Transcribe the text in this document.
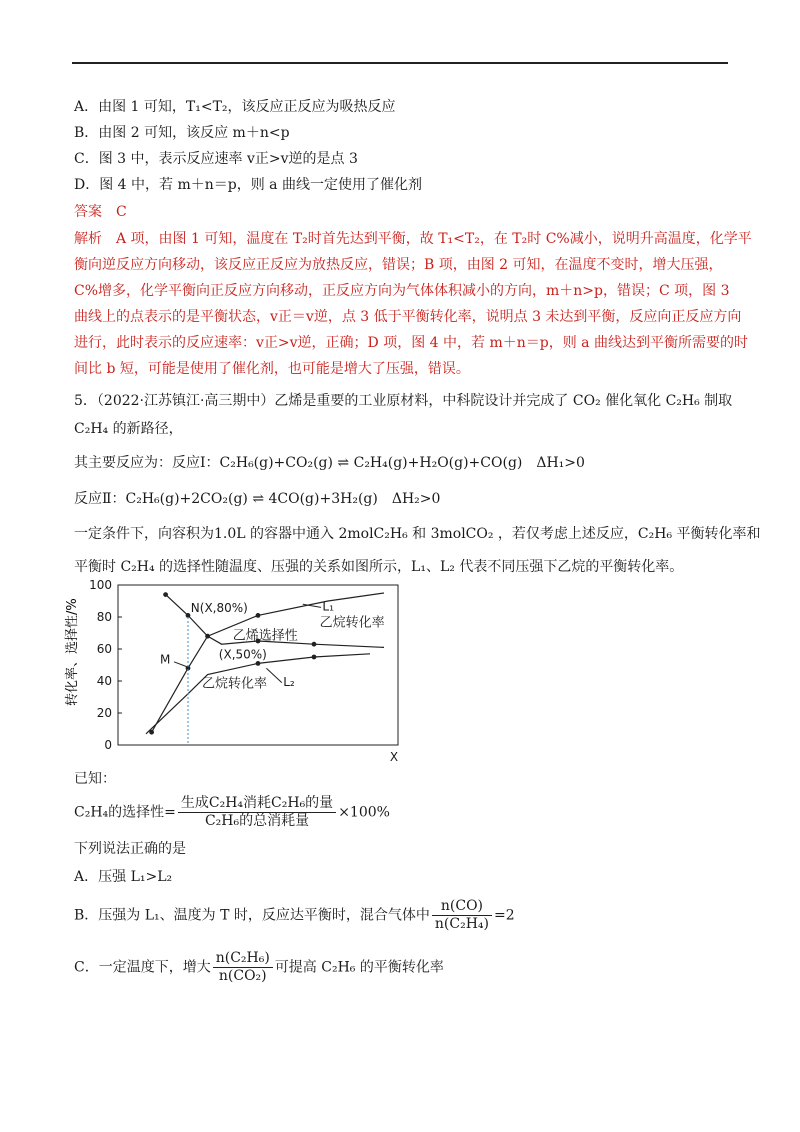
A．由图 1 可知，T₁<T₂，该反应正反应为吸热反应
B．由图 2 可知，该反应 m＋n<p
C．图 3 中，表示反应速率 v正>v逆的是点 3
D．图 4 中，若 m＋n＝p，则 a 曲线一定使用了催化剂
答案 C
解析 A 项，由图 1 可知，温度在 T₂时首先达到平衡，故 T₁<T₂，在 T₂时 C%减小，说明升高温度，化学平
衡向逆反应方向移动，该反应正反应为放热反应，错误；B 项，由图 2 可知，在温度不变时，增大压强，
C%增多，化学平衡向正反应方向移动，正反应方向为气体体积减小的方向，m＋n>p，错误；C 项，图 3
曲线上的点表示的是平衡状态，v正＝v逆，点 3 低于平衡转化率，说明点 3 未达到平衡，反应向正反应方向
进行，此时表示的反应速率：v正>v逆，正确；D 项，图 4 中，若 m＋n＝p，则 a 曲线达到平衡所需要的时
间比 b 短，可能是使用了催化剂，也可能是增大了压强，错误。
5．（2022·江苏镇江·高三期中）乙烯是重要的工业原材料，中科院设计并完成了 CO₂ 催化氧化 C₂H₆ 制取
C₂H₄ 的新路径，
其主要反应为：反应Ⅰ：C₂H₆(g)+CO₂(g) ⇌ C₂H₄(g)+H₂O(g)+CO(g)　ΔH₁>0
反应Ⅱ：C₂H₆(g)+2CO₂(g) ⇌ 4CO(g)+3H₂(g)　ΔH₂>0
一定条件下，向容积为1.0L 的容器中通入 2molC₂H₆ 和 3molCO₂ ，若仅考虑上述反应，C₂H₆ 平衡转化率和
平衡时 C₂H₄ 的选择性随温度、压强的关系如图所示，L₁、L₂ 代表不同压强下乙烷的平衡转化率。
转化率、选择性/%
100
80
60
40
20
0
X
N(X,80%)
M	(X,50%)
乙烯选择性
乙烷转化率
乙烷转化率
L₁
L₂
已知：
C₂H₄的选择性= $\frac{\text{生成C₂H₄消耗C₂H₆的量}}{\text{C₂H₆的总消耗量}} \times 100\%$
下列说法正确的是
A．压强 L₁>L₂
B．压强为 L₁、温度为 T 时，反应达平衡时，混合气体中 $\frac{n(CO)}{\text{n(C₂H₄)}} =2$
C．一定温度下，增大 $\frac{\text{n(C₂H₆)}}{\text{n(CO₂)}}$ 可提高 C₂H₆ 的平衡转化率
